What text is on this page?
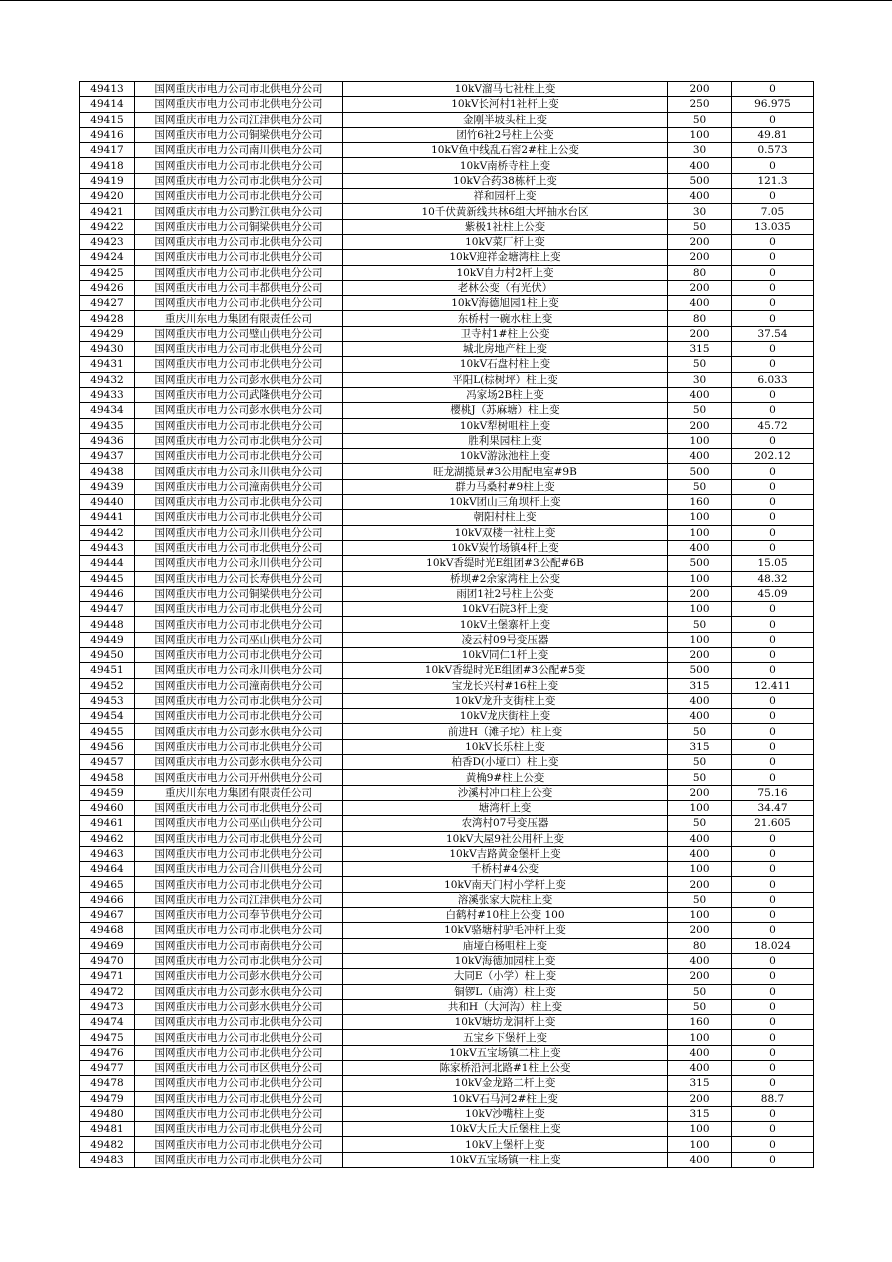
49413	国网重庆市电力公司市北供电分公司	10kV溜马七社柱上变	200	0
49414	国网重庆市电力公司市北供电分公司	10kV长河村1社杆上变	250	96.975
49415	国网重庆市电力公司江津供电分公司	金刚半坡头柱上变	50	0
49416	国网重庆市电力公司铜梁供电分公司	团竹6社2号柱上公变	100	49.81
49417	国网重庆市电力公司南川供电分公司	10kV鱼中线乱石窖2#柱上公变	30	0.573
49418	国网重庆市电力公司市北供电分公司	10kV南桥寺柱上变	400	0
49419	国网重庆市电力公司市北供电分公司	10kV合药38栋杆上变	500	121.3
49420	国网重庆市电力公司市北供电分公司	祥和园杆上变	400	0
49421	国网重庆市电力公司黔江供电分公司	10千伏黄新线共林6组大坪抽水台区	30	7.05
49422	国网重庆市电力公司铜梁供电分公司	紫极1社柱上公变	50	13.035
49423	国网重庆市电力公司市北供电分公司	10kV菜厂杆上变	200	0
49424	国网重庆市电力公司市北供电分公司	10kV迎祥金塘湾柱上变	200	0
49425	国网重庆市电力公司市北供电分公司	10kV自力村2杆上变	80	0
49426	国网重庆市电力公司丰都供电分公司	老林公变（有光伏）	200	0
49427	国网重庆市电力公司市北供电分公司	10kV海德旭园1柱上变	400	0
49428	重庆川东电力集团有限责任公司	东桥村一碗水柱上变	80	0
49429	国网重庆市电力公司璧山供电分公司	卫寺村1#柱上公变	200	37.54
49430	国网重庆市电力公司市北供电分公司	城北房地产柱上变	315	0
49431	国网重庆市电力公司市北供电分公司	10kV石盘村柱上变	50	0
49432	国网重庆市电力公司彭水供电分公司	平阳L(棕树坪）柱上变	30	6.033
49433	国网重庆市电力公司武隆供电分公司	冯家场2B柱上变	400	0
49434	国网重庆市电力公司彭水供电分公司	樱桃J（苏麻塘）柱上变	50	0
49435	国网重庆市电力公司市北供电分公司	10kV犁树咀柱上变	200	45.72
49436	国网重庆市电力公司市北供电分公司	胜利果园柱上变	100	0
49437	国网重庆市电力公司市北供电分公司	10kV游泳池柱上变	400	202.12
49438	国网重庆市电力公司永川供电分公司	旺龙湖揽景#3公用配电室#9B	500	0
49439	国网重庆市电力公司潼南供电分公司	群力马桑村#9柱上变	50	0
49440	国网重庆市电力公司市北供电分公司	10kV团山三角坝杆上变	160	0
49441	国网重庆市电力公司市北供电分公司	朝阳村柱上变	100	0
49442	国网重庆市电力公司永川供电分公司	10kV双楼一社柱上变	100	0
49443	国网重庆市电力公司市北供电分公司	10kV炭竹场镇4杆上变	400	0
49444	国网重庆市电力公司永川供电分公司	10kV香缇时光E组团#3公配#6B	500	15.05
49445	国网重庆市电力公司长寿供电分公司	桥坝#2余家湾柱上公变	100	48.32
49446	国网重庆市电力公司铜梁供电分公司	雨团1社2号柱上公变	200	45.09
49447	国网重庆市电力公司市北供电分公司	10kV石院3杆上变	100	0
49448	国网重庆市电力公司市北供电分公司	10kV土堡寨杆上变	50	0
49449	国网重庆市电力公司巫山供电分公司	凌云村09号变压器	100	0
49450	国网重庆市电力公司市北供电分公司	10kV同仁1杆上变	200	0
49451	国网重庆市电力公司永川供电分公司	10kV香缇时光E组团#3公配#5变	500	0
49452	国网重庆市电力公司潼南供电分公司	宝龙长兴村#16柱上变	315	12.411
49453	国网重庆市电力公司市北供电分公司	10kV龙升支街柱上变	400	0
49454	国网重庆市电力公司市北供电分公司	10kV龙庆街柱上变	400	0
49455	国网重庆市电力公司彭水供电分公司	前进H（滩子坨）柱上变	50	0
49456	国网重庆市电力公司市北供电分公司	10kV长乐柱上变	315	0
49457	国网重庆市电力公司彭水供电分公司	柏香D(小垭口）柱上变	50	0
49458	国网重庆市电力公司开州供电分公司	黄桷9#柱上公变	50	0
49459	重庆川东电力集团有限责任公司	沙溪村冲口柱上公变	200	75.16
49460	国网重庆市电力公司市北供电分公司	塘湾杆上变	100	34.47
49461	国网重庆市电力公司巫山供电分公司	农湾村07号变压器	50	21.605
49462	国网重庆市电力公司市北供电分公司	10kV大屋9社公用杆上变	400	0
49463	国网重庆市电力公司市北供电分公司	10kV吉路黄金堡杆上变	400	0
49464	国网重庆市电力公司合川供电分公司	千桥村#4公变	100	0
49465	国网重庆市电力公司市北供电分公司	10kV南天门村小学杆上变	200	0
49466	国网重庆市电力公司江津供电分公司	溶溪张家大院柱上变	50	0
49467	国网重庆市电力公司奉节供电分公司	白鹤村#10柱上公变 100	100	0
49468	国网重庆市电力公司市北供电分公司	10kV骆塘村驴毛冲杆上变	200	0
49469	国网重庆市电力公司市南供电分公司	庙垭白杨咀柱上变	80	18.024
49470	国网重庆市电力公司市北供电分公司	10kV海德加园柱上变	400	0
49471	国网重庆市电力公司彭水供电分公司	大同E（小学）柱上变	200	0
49472	国网重庆市电力公司彭水供电分公司	铜锣L（庙湾）柱上变	50	0
49473	国网重庆市电力公司彭水供电分公司	共和H（大河沟）柱上变	50	0
49474	国网重庆市电力公司市北供电分公司	10kV塘坊龙洞杆上变	160	0
49475	国网重庆市电力公司市北供电分公司	五宝乡下堡杆上变	100	0
49476	国网重庆市电力公司市北供电分公司	10kV五宝场镇二柱上变	400	0
49477	国网重庆市电力公司市区供电分公司	陈家桥沿河北路#1柱上公变	400	0
49478	国网重庆市电力公司市北供电分公司	10kV金龙路二杆上变	315	0
49479	国网重庆市电力公司市北供电分公司	10kV石马河2#柱上变	200	88.7
49480	国网重庆市电力公司市北供电分公司	10kV沙嘴柱上变	315	0
49481	国网重庆市电力公司市北供电分公司	10kV大丘大丘堡柱上变	100	0
49482	国网重庆市电力公司市北供电分公司	10kV上堡杆上变	100	0
49483	国网重庆市电力公司市北供电分公司	10kV五宝场镇一柱上变	400	0
